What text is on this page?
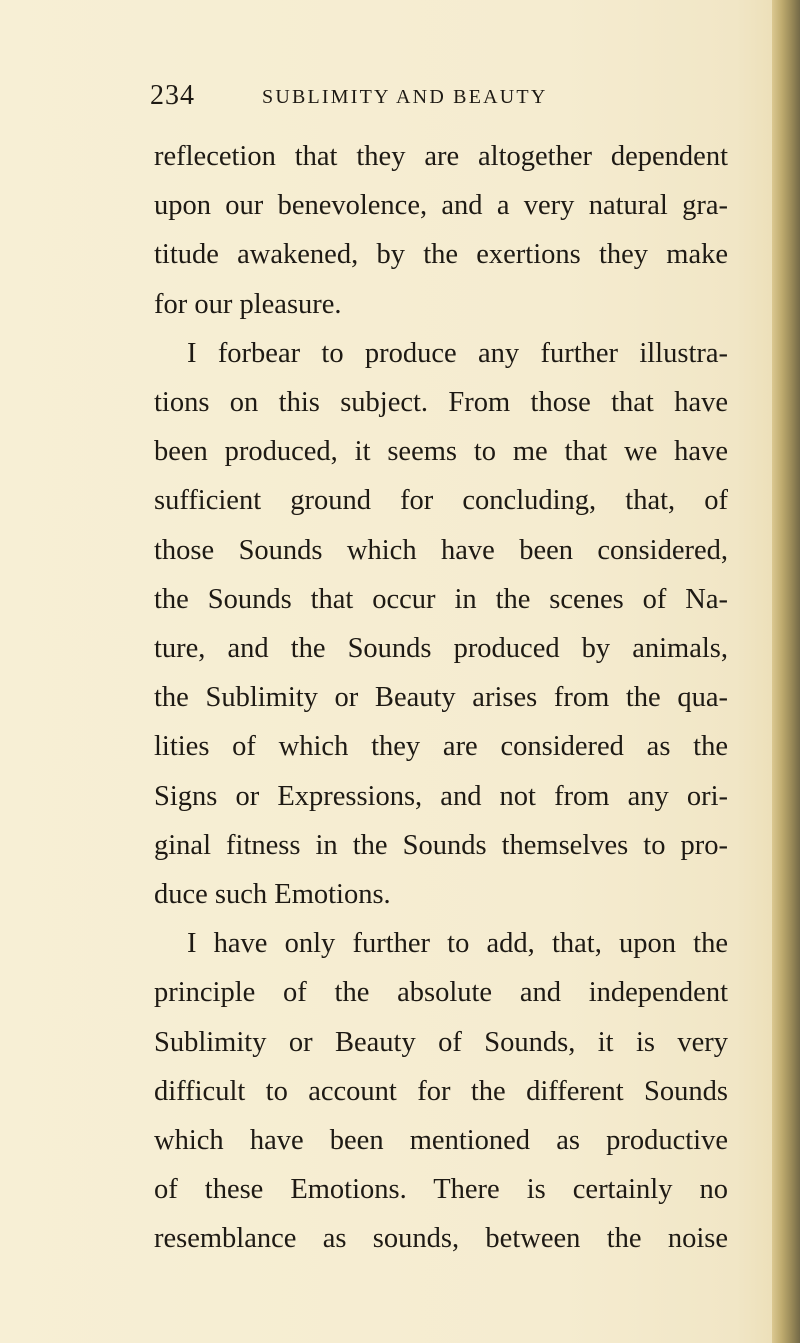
234	SUBLIMITY AND BEAUTY
reflecetion that they are altogether dependent
upon our benevolence, and a very natural gra-
titude awakened, by the exertions they make
for our pleasure.
I forbear to produce any further illustra-
tions on this subject. From those that have
been produced, it seems to me that we have
sufficient ground for concluding, that, of
those Sounds which have been considered,
the Sounds that occur in the scenes of Na-
ture, and the Sounds produced by animals,
the Sublimity or Beauty arises from the qua-
lities of which they are considered as the
Signs or Expressions, and not from any ori-
ginal fitness in the Sounds themselves to pro-
duce such Emotions.
I have only further to add, that, upon the
principle of the absolute and independent
Sublimity or Beauty of Sounds, it is very
difficult to account for the different Sounds
which have been mentioned as productive
of these Emotions. There is certainly no
resemblance as sounds, between the noise
